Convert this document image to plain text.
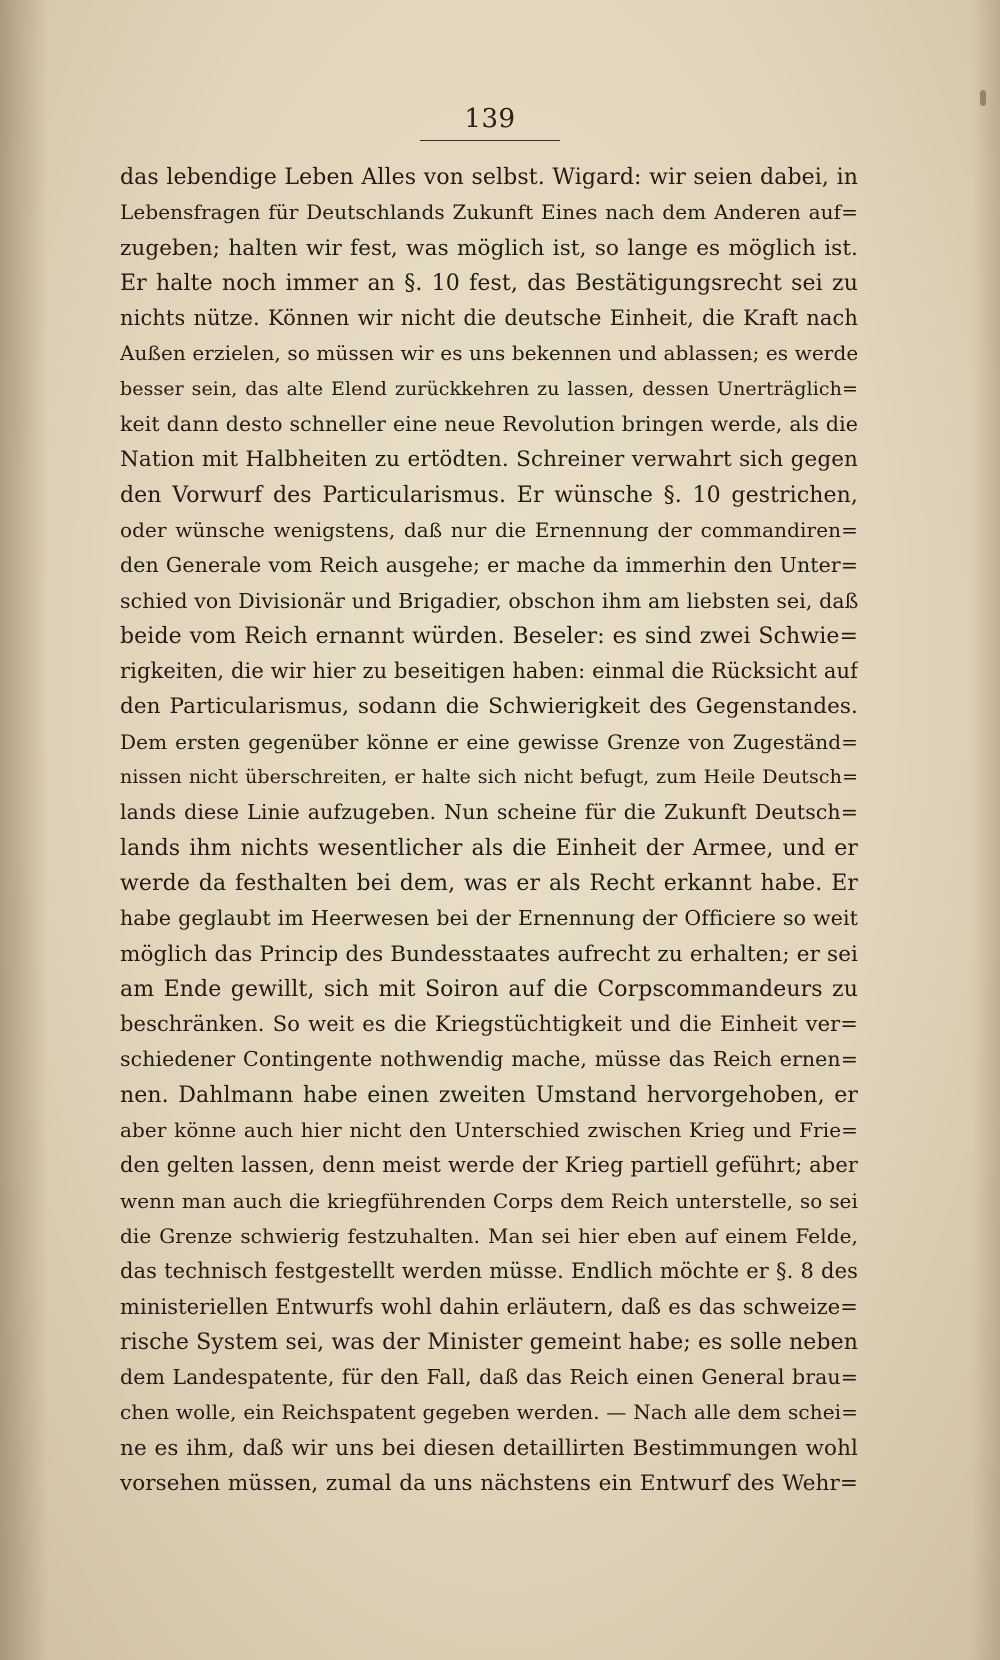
139
das lebendige Leben Alles von selbst. Wigard: wir seien dabei, in
Lebensfragen für Deutschlands Zukunft Eines nach dem Anderen auf=
zugeben; halten wir fest, was möglich ist, so lange es möglich ist.
Er halte noch immer an §. 10 fest, das Bestätigungsrecht sei zu
nichts nütze. Können wir nicht die deutsche Einheit, die Kraft nach
Außen erzielen, so müssen wir es uns bekennen und ablassen; es werde
besser sein, das alte Elend zurückkehren zu lassen, dessen Unerträglich=
keit dann desto schneller eine neue Revolution bringen werde, als die
Nation mit Halbheiten zu ertödten. Schreiner verwahrt sich gegen
den Vorwurf des Particularismus. Er wünsche §. 10 gestrichen,
oder wünsche wenigstens, daß nur die Ernennung der commandiren=
den Generale vom Reich ausgehe; er mache da immerhin den Unter=
schied von Divisionär und Brigadier, obschon ihm am liebsten sei, daß
beide vom Reich ernannt würden. Beseler: es sind zwei Schwie=
rigkeiten, die wir hier zu beseitigen haben: einmal die Rücksicht auf
den Particularismus, sodann die Schwierigkeit des Gegenstandes.
Dem ersten gegenüber könne er eine gewisse Grenze von Zugeständ=
nissen nicht überschreiten, er halte sich nicht befugt, zum Heile Deutsch=
lands diese Linie aufzugeben. Nun scheine für die Zukunft Deutsch=
lands ihm nichts wesentlicher als die Einheit der Armee, und er
werde da festhalten bei dem, was er als Recht erkannt habe. Er
habe geglaubt im Heerwesen bei der Ernennung der Officiere so weit
möglich das Princip des Bundesstaates aufrecht zu erhalten; er sei
am Ende gewillt, sich mit Soiron auf die Corpscommandeurs zu
beschränken. So weit es die Kriegstüchtigkeit und die Einheit ver=
schiedener Contingente nothwendig mache, müsse das Reich ernen=
nen. Dahlmann habe einen zweiten Umstand hervorgehoben, er
aber könne auch hier nicht den Unterschied zwischen Krieg und Frie=
den gelten lassen, denn meist werde der Krieg partiell geführt; aber
wenn man auch die kriegführenden Corps dem Reich unterstelle, so sei
die Grenze schwierig festzuhalten. Man sei hier eben auf einem Felde,
das technisch festgestellt werden müsse. Endlich möchte er §. 8 des
ministeriellen Entwurfs wohl dahin erläutern, daß es das schweize=
rische System sei, was der Minister gemeint habe; es solle neben
dem Landespatente, für den Fall, daß das Reich einen General brau=
chen wolle, ein Reichspatent gegeben werden. — Nach alle dem schei=
ne es ihm, daß wir uns bei diesen detaillirten Bestimmungen wohl
vorsehen müssen, zumal da uns nächstens ein Entwurf des Wehr=
